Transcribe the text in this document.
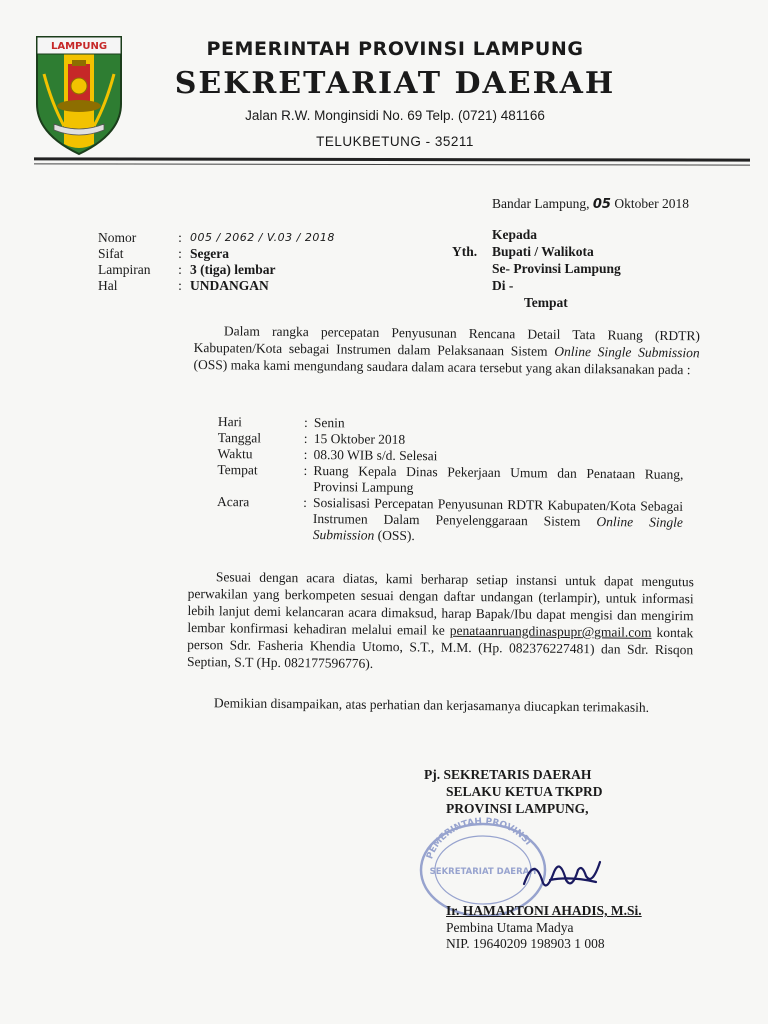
LAMPUNG	PEMERINTAH PROVINSI LAMPUNG
SEKRETARIAT DAERAH
Jalan R.W. Monginsidi No. 69 Telp. (0721) 481166
TELUKBETUNG - 35211
Bandar Lampung, 05 Oktober 2018
Nomor	: 005 / 2062 / V.03 / 2018
Sifat	: Segera
Lampiran	: 3 (tiga) lembar
Hal	: UNDANGAN
Kepada
Yth. Bupati / Walikota
Se- Provinsi Lampung
Di -
Tempat
Dalam rangka percepatan Penyusunan Rencana Detail Tata Ruang (RDTR) Kabupaten/Kota sebagai Instrumen dalam Pelaksanaan Sistem Online Single Submission (OSS) maka kami mengundang saudara dalam acara tersebut yang akan dilaksanakan pada :
Hari	: Senin
Tanggal	: 15 Oktober 2018
Waktu	: 08.30 WIB s/d. Selesai
Tempat	: Ruang Kepala Dinas Pekerjaan Umum dan Penataan Ruang, Provinsi Lampung
Acara	: Sosialisasi Percepatan Penyusunan RDTR Kabupaten/Kota Sebagai Instrumen Dalam Penyelenggaraan Sistem Online Single Submission (OSS).
Sesuai dengan acara diatas, kami berharap setiap instansi untuk dapat mengutus perwakilan yang berkompeten sesuai dengan daftar undangan (terlampir), untuk informasi lebih lanjut demi kelancaran acara dimaksud, harap Bapak/Ibu dapat mengisi dan mengirim lembar konfirmasi kehadiran melalui email ke penataanruangdinaspupr@gmail.com kontak person Sdr. Fasheria Khendia Utomo, S.T., M.M. (Hp. 082376227481) dan Sdr. Risqon Septian, S.T (Hp. 082177596776).
Demikian disampaikan, atas perhatian dan kerjasamanya diucapkan terimakasih.
Pj. SEKRETARIS DAERAH
SELAKU KETUA TKPRD
PROVINSI LAMPUNG,
PEMERINTAH PROVINSI
SEKRETARIAT DAERAH
Ir. HAMARTONI AHADIS, M.Si.
Pembina Utama Madya
NIP. 19640209 198903 1 008
